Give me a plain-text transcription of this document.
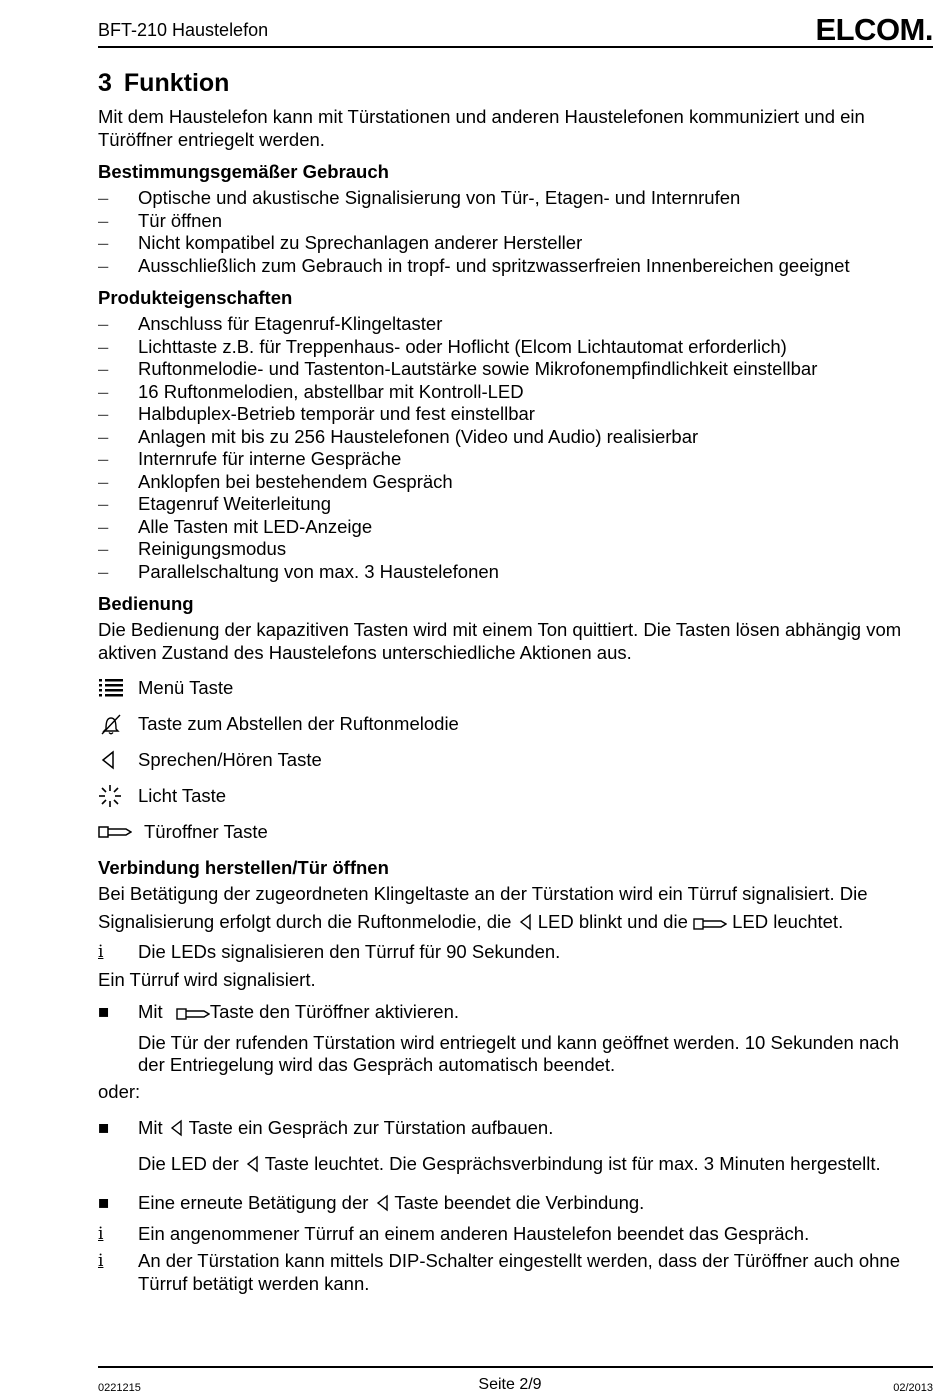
BFT-210 Haustelefon	ELCOM.
3 Funktion

Mit dem Haustelefon kann mit Türstationen und anderen Haustelefonen kommuniziert und ein Türöffner entriegelt werden.

Bestimmungsgemäßer Gebrauch
– Optische und akustische Signalisierung von Tür-, Etagen- und Internrufen
– Tür öffnen
– Nicht kompatibel zu Sprechanlagen anderer Hersteller
– Ausschließlich zum Gebrauch in tropf- und spritzwasserfreien Innenbereichen geeignet
Produkteigenschaften
– Anschluss für Etagenruf-Klingeltaster
– Lichttaste z.B. für Treppenhaus- oder Hoflicht (Elcom Lichtautomat erforderlich)
– Ruftonmelodie- und Tastenton-Lautstärke sowie Mikrofonempfindlichkeit einstellbar
– 16 Ruftonmelodien, abstellbar mit Kontroll-LED
– Halbduplex-Betrieb temporär und fest einstellbar
– Anlagen mit bis zu 256 Haustelefonen (Video und Audio) realisierbar
– Internrufe für interne Gespräche
– Anklopfen bei bestehendem Gespräch
– Etagenruf Weiterleitung
– Alle Tasten mit LED-Anzeige
– Reinigungsmodus
– Parallelschaltung von max. 3 Haustelefonen
Bedienung

Die Bedienung der kapazitiven Tasten wird mit einem Ton quittiert. Die Tasten lösen abhängig vom aktiven Zustand des Haustelefons unterschiedliche Aktionen aus.

Menü Taste
Taste zum Abstellen der Ruftonmelodie
Sprechen/Hören Taste
Licht Taste
Türoffner Taste
Verbindung herstellen/Tür öffnen

Bei Betätigung der zugeordneten Klingeltaste an der Türstation wird ein Türruf signalisiert. Die

Signalisierung erfolgt durch die Ruftonmelodie, die LED blinkt und die LED leuchtet.

i Die LEDs signalisieren den Türruf für 90 Sekunden.

Ein Türruf wird signalisiert.

■ Mit	Taste den Türöffner aktivieren.
Die Tür der rufenden Türstation wird entriegelt und kann geöffnet werden. 10 Sekunden nach der Entriegelung wird das Gespräch automatisch beendet.

oder:

■ Mit Taste ein Gespräch zur Türstation aufbauen.
Die LED der Taste leuchtet. Die Gesprächsverbindung ist für max. 3 Minuten hergestellt.
■ Eine erneute Betätigung der Taste beendet die Verbindung.
i Ein angenommener Türruf an einem anderen Haustelefon beendet das Gespräch.
i An der Türstation kann mittels DIP-Schalter eingestellt werden, dass der Türöffner auch ohne Türruf betätigt werden kann.
0221215	Seite 2/9	02/2013
